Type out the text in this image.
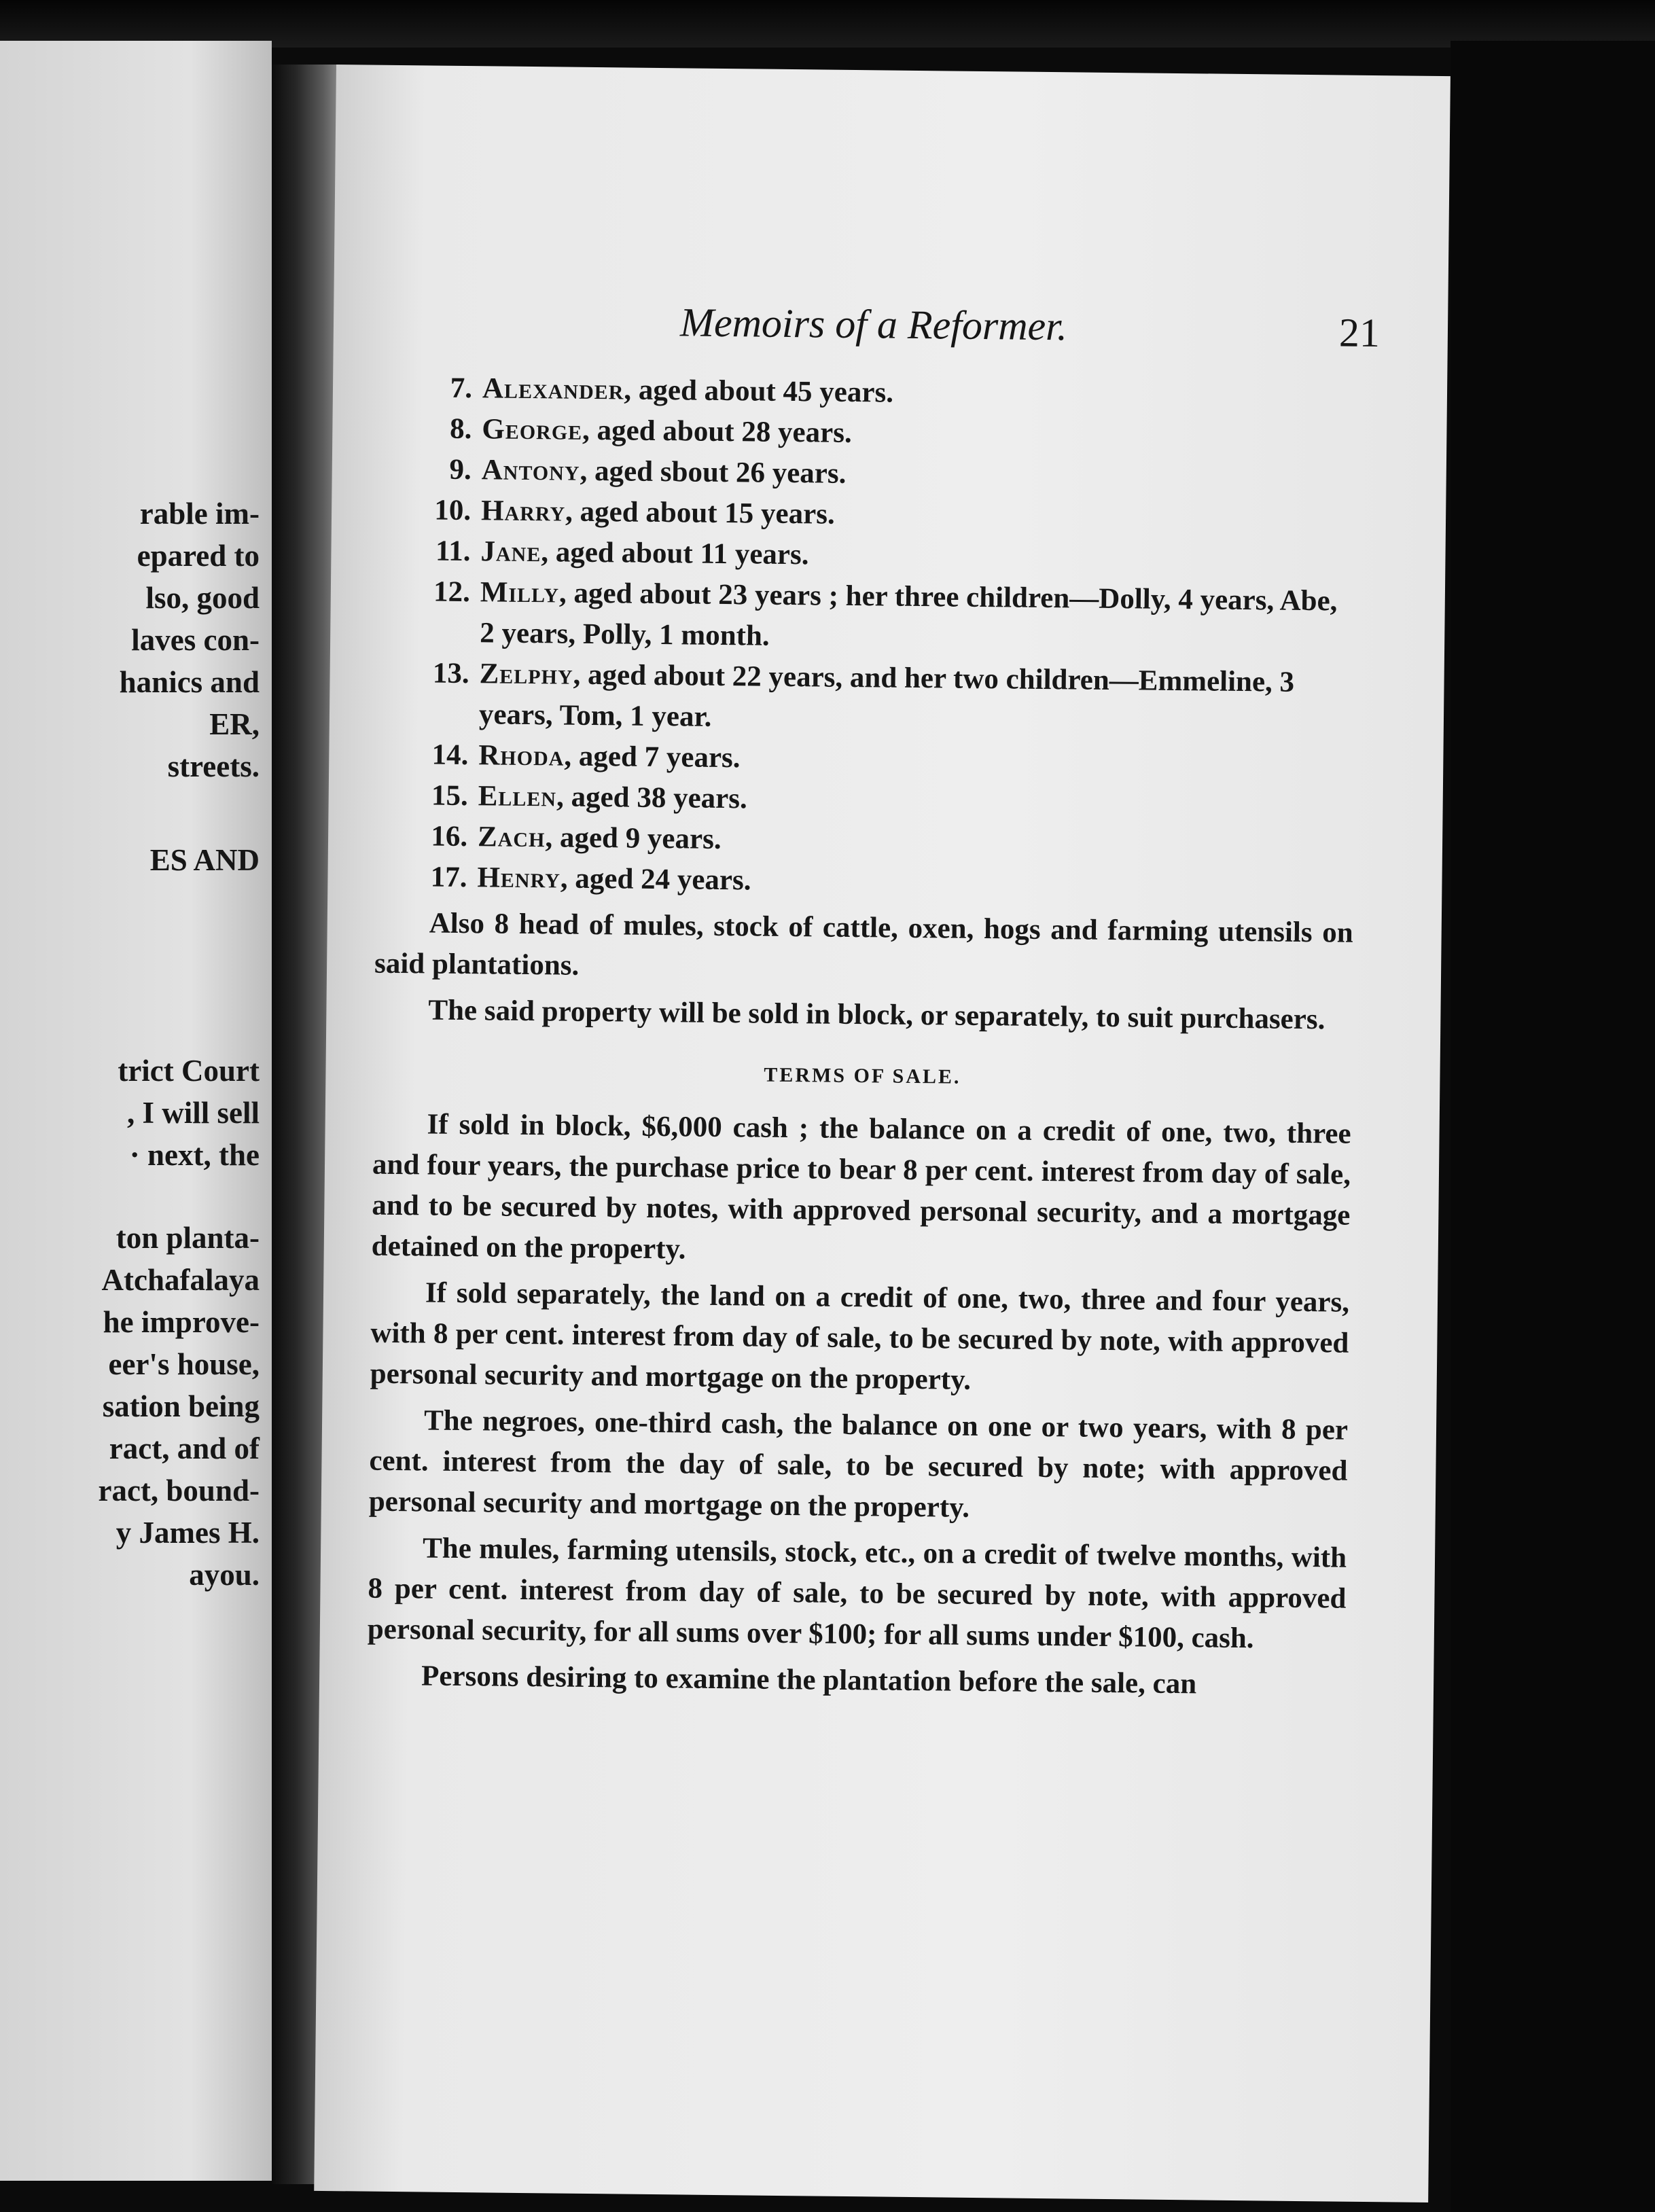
rable im-
epared to
lso, good
laves con-
hanics and
ER,
streets.
ES AND
trict Court
, I will sell
· next, the
ton planta-
Atchafalaya
he improve-
eer's house,
sation being
ract, and of
ract, bound-
y James H.
ayou.
Memoirs of a Reformer.	21

7. Alexander, aged about 45 years.

8. George, aged about 28 years.

9. Antony, aged sbout 26 years.

10. Harry, aged about 15 years.

11. Jane, aged about 11 years.

12. Milly, aged about 23 years ; her three children—Dolly, 4 years, Abe, 2 years, Polly, 1 month.

13. Zelphy, aged about 22 years, and her two children—Emmeline, 3 years, Tom, 1 year.

14. Rhoda, aged 7 years.

15. Ellen, aged 38 years.

16. Zach, aged 9 years.

17. Henry, aged 24 years.

Also 8 head of mules, stock of cattle, oxen, hogs and farming utensils on said plantations.

The said property will be sold in block, or separately, to suit purchasers.

TERMS OF SALE.

If sold in block, $6,000 cash ; the balance on a credit of one, two, three and four years, the purchase price to bear 8 per cent. interest from day of sale, and to be secured by notes, with approved personal security, and a mortgage detained on the property.

If sold separately, the land on a credit of one, two, three and four years, with 8 per cent. interest from day of sale, to be secured by note, with approved personal security and mortgage on the property.

The negroes, one-third cash, the balance on one or two years, with 8 per cent. interest from the day of sale, to be secured by note; with approved personal security and mortgage on the property.

The mules, farming utensils, stock, etc., on a credit of twelve months, with 8 per cent. interest from day of sale, to be secured by note, with approved personal security, for all sums over $100; for all sums under $100, cash.

Persons desiring to examine the plantation before the sale, can
